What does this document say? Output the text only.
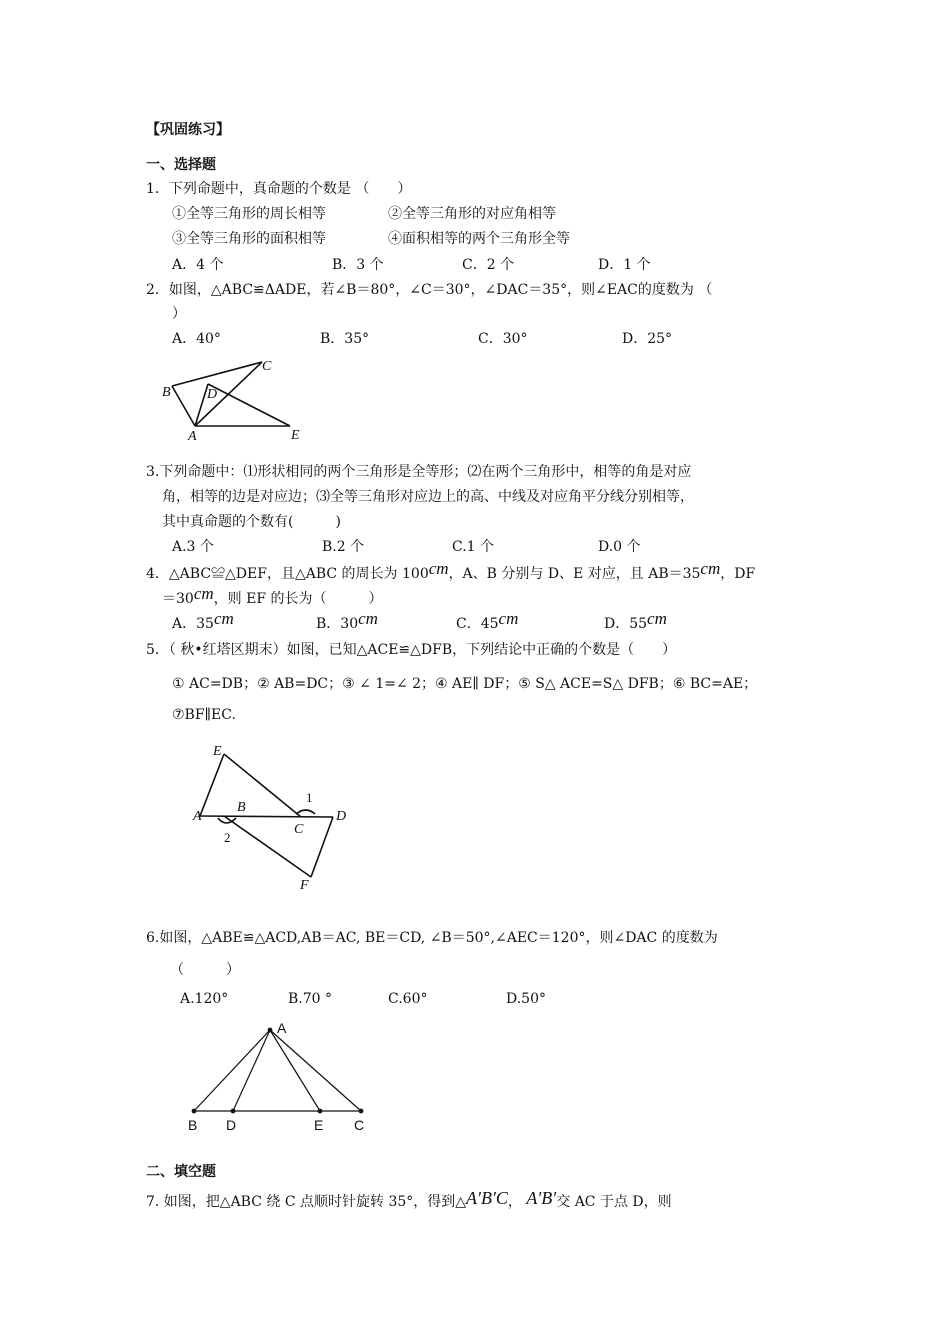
【巩固练习】
一、选择题
1．下列命题中，真命题的个数是 （　　）
①全等三角形的周长相等	②全等三角形的对应角相等
③全等三角形的面积相等	④面积相等的两个三角形全等
A．4 个	B．3 个	C．2 个	D．1 个
2．如图，△ABC≌ΔADE，若∠B＝80°，∠C＝30°，∠DAC＝35°，则∠EAC的度数为 （
）
A．40°	B．35°	C．30°	D．25°
B
C
D
A	E
3.下列命题中：⑴形状相同的两个三角形是全等形；⑵在两个三角形中，相等的角是对应
角，相等的边是对应边；⑶全等三角形对应边上的高、中线及对应角平分线分别相等，
其中真命题的个数有(　　　)
A.3 个	B.2 个	C.1 个	D.0 个
4．△ABC≌△DEF，且△ABC 的周长为 100cm，A、B 分别与 D、E 对应，且 AB＝35cm，DF
＝30cm，则 EF 的长为（　　　）
A．35cm	B．30cm	C．45cm	D．55cm
5．（ 秋•红塔区期末）如图，已知△ACE≌△DFB，下列结论中正确的个数是（　　）
① AC=DB；② AB=DC；③ ∠ 1=∠ 2；④ AE∥ DF；⑤ S△ ACE=S△ DFB；⑥ BC=AE；
⑦BF∥EC.
E
A
B
C
D
F
1
2
6.如图，△ABE≌△ACD,AB＝AC, BE＝CD, ∠B＝50°,∠AEC＝120°，则∠DAC 的度数为
（　　　）
A.120°	B.70 °	C.60°	D.50°
A
B D	E C
二、填空题
7. 如图，把△ABC 绕 C 点顺时针旋转 35°，得到△A′B′C， A′B′交 AC 于点 D，则
